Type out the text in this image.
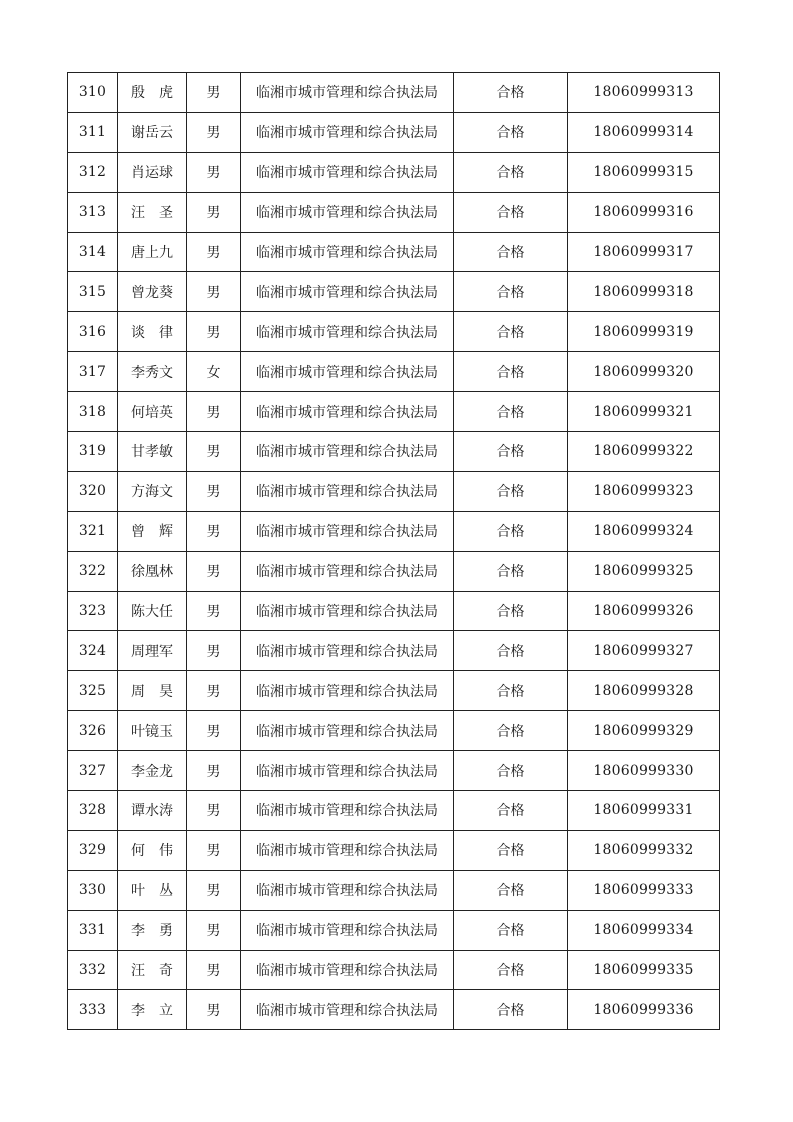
310	殷　虎	男	临湘市城市管理和综合执法局	合格	18060999313
311	谢岳云	男	临湘市城市管理和综合执法局	合格	18060999314
312	肖运球	男	临湘市城市管理和综合执法局	合格	18060999315
313	汪　圣	男	临湘市城市管理和综合执法局	合格	18060999316
314	唐上九	男	临湘市城市管理和综合执法局	合格	18060999317
315	曾龙葵	男	临湘市城市管理和综合执法局	合格	18060999318
316	谈　律	男	临湘市城市管理和综合执法局	合格	18060999319
317	李秀文	女	临湘市城市管理和综合执法局	合格	18060999320
318	何培英	男	临湘市城市管理和综合执法局	合格	18060999321
319	甘孝敏	男	临湘市城市管理和综合执法局	合格	18060999322
320	方海文	男	临湘市城市管理和综合执法局	合格	18060999323
321	曾　辉	男	临湘市城市管理和综合执法局	合格	18060999324
322	徐凰林	男	临湘市城市管理和综合执法局	合格	18060999325
323	陈大任	男	临湘市城市管理和综合执法局	合格	18060999326
324	周理军	男	临湘市城市管理和综合执法局	合格	18060999327
325	周　昊	男	临湘市城市管理和综合执法局	合格	18060999328
326	叶镜玉	男	临湘市城市管理和综合执法局	合格	18060999329
327	李金龙	男	临湘市城市管理和综合执法局	合格	18060999330
328	谭水涛	男	临湘市城市管理和综合执法局	合格	18060999331
329	何　伟	男	临湘市城市管理和综合执法局	合格	18060999332
330	叶　丛	男	临湘市城市管理和综合执法局	合格	18060999333
331	李　勇	男	临湘市城市管理和综合执法局	合格	18060999334
332	汪　奇	男	临湘市城市管理和综合执法局	合格	18060999335
333	李　立	男	临湘市城市管理和综合执法局	合格	18060999336
